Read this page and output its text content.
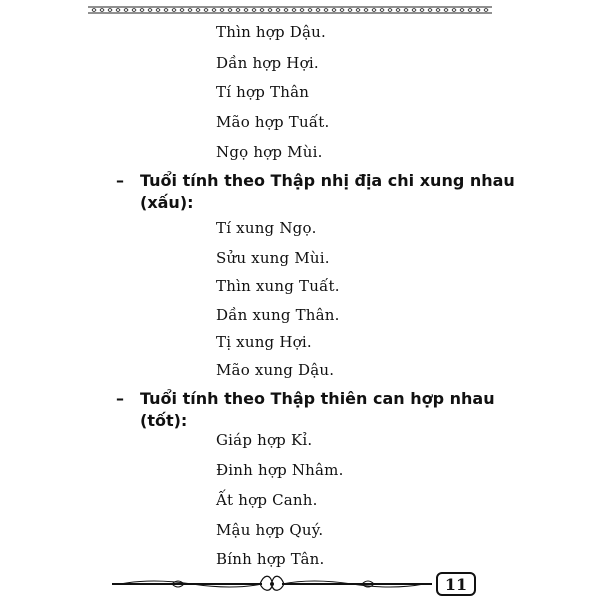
Thìn hợp Dậu.
Dần hợp Hợi.
Tí hợp Thân
Mão hợp Tuất.
Ngọ hợp Mùi.
– Tuổi tính theo Thập nhị địa chi xung nhau
(xấu):
Tí xung Ngọ.
Sửu xung Mùi.
Thìn xung Tuất.
Dần xung Thân.
Tị xung Hợi.
Mão xung Dậu.
– Tuổi tính theo Thập thiên can hợp nhau
(tốt):
Giáp hợp Kỉ.
Đinh hợp Nhâm.
Ất hợp Canh.
Mậu hợp Quý.
Bính hợp Tân.
11
